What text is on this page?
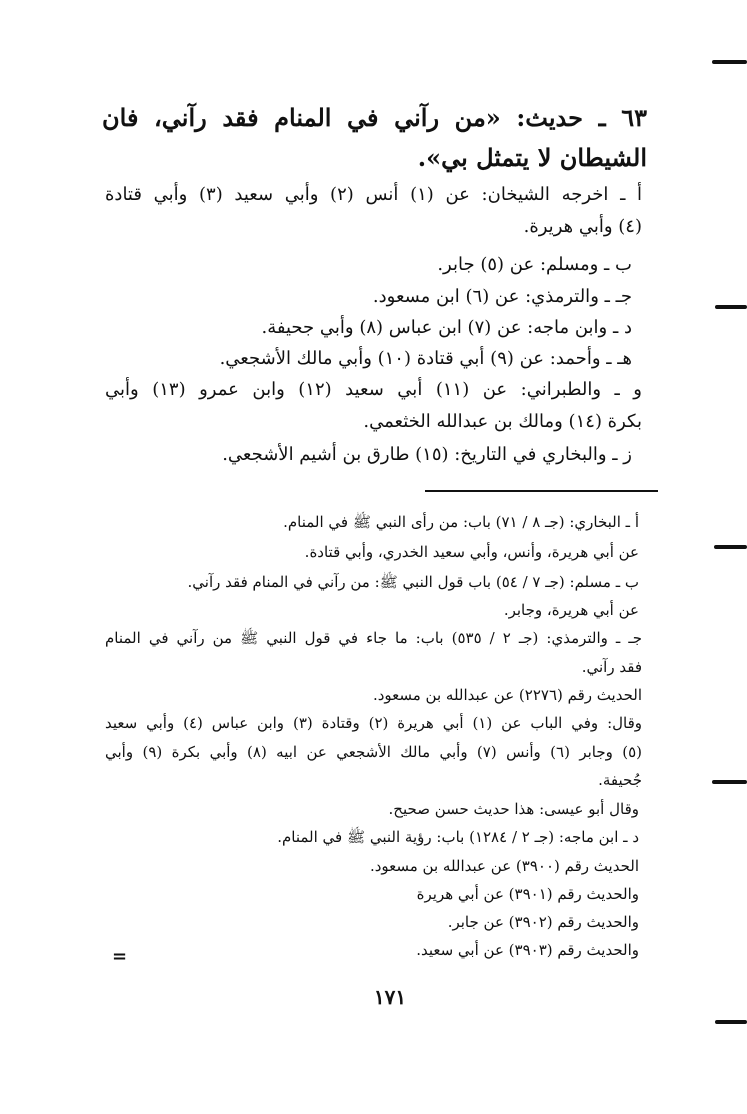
٦٣ ـ حديث: «من رآني في المنام فقد رآني، فان الشيطان لا يتمثل بي».
أ ـ اخرجه الشيخان: عن (١) أنس (٢) وأبي سعيد (٣) وأبي قتادة
(٤) وأبي هريرة.
ب ـ ومسلم: عن (٥) جابر.
جـ ـ والترمذي: عن (٦) ابن مسعود.
د ـ وابن ماجه: عن (٧) ابن عباس (٨) وأبي جحيفة.
هـ ـ وأحمد: عن (٩) أبي قتادة (١٠) وأبي مالك الأشجعي.
و ـ والطبراني: عن (١١) أبي سعيد (١٢) وابن عمرو (١٣) وأبي
بكرة (١٤) ومالك بن عبدالله الخثعمي.
ز ـ والبخاري في التاريخ: (١٥) طارق بن أشيم الأشجعي.
أ ـ البخاري: (جـ ٨ / ٧١) باب: من رأى النبي ﷺ في المنام.
عن أبي هريرة، وأنس، وأبي سعيد الخدري، وأبي قتادة.
ب ـ مسلم: (جـ ٧ / ٥٤) باب قول النبي ﷺ: من رآني في المنام فقد رآني.
عن أبي هريرة، وجابر.
جـ ـ والترمذي: (جـ ٢ / ٥٣٥) باب: ما جاء في قول النبي ﷺ من رآني في المنام
فقد رآني.
الحديث رقم (٢٢٧٦) عن عبدالله بن مسعود.
وقال: وفي الباب عن (١) أبي هريرة (٢) وقتادة (٣) وابن عباس (٤) وأبي سعيد
(٥) وجابر (٦) وأنس (٧) وأبي مالك الأشجعي عن ابيه (٨) وأبي بكرة (٩) وأبي
جُحيفة.
وقال أبو عيسى: هذا حديث حسن صحيح.
د ـ ابن ماجه: (جـ ٢ / ١٢٨٤) باب: رؤية النبي ﷺ في المنام.
الحديث رقم (٣٩٠٠) عن عبدالله بن مسعود.
والحديث رقم (٣٩٠١) عن أبي هريرة
والحديث رقم (٣٩٠٢) عن جابر.
والحديث رقم (٣٩٠٣) عن أبي سعيد.
=
١٧١
